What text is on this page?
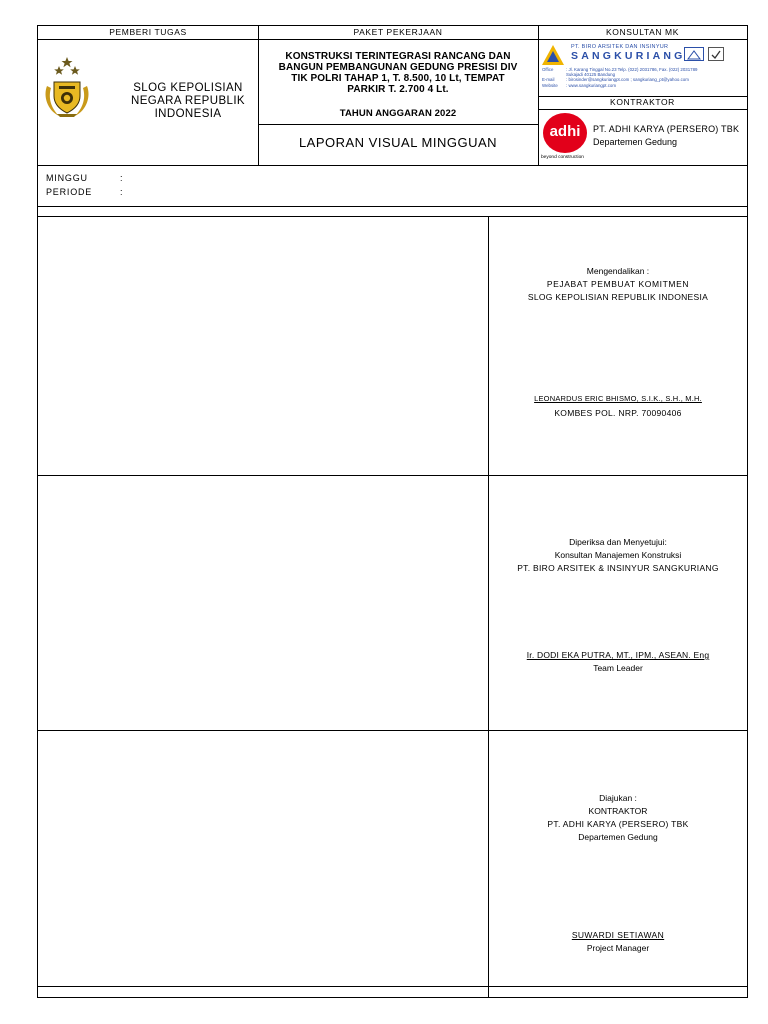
PEMBERI TUGAS	PAKET PEKERJAAN	KONSULTAN MK
KONTRAKTOR
SLOG KEPOLISIAN
NEGARA REPUBLIK
INDONESIA
KONSTRUKSI TERINTEGRASI RANCANG DAN
BANGUN PEMBANGUNAN GEDUNG PRESISI DIV
TIK POLRI TAHAP 1, T. 8.500, 10 Lt, TEMPAT
PARKIR T. 2.700 4 Lt.
TAHUN ANGGARAN 2022
LAPORAN VISUAL MINGGUAN
PT. BIRO ARSITEK DAN INSINYUR
SANGKURIANG
Office	: Jl. Karang Tinggal No.23 Telp. (022) 2031786, Fax. (022) 2031789
Sukajadi 40125 Bandung
E-mail	: birosinder@sangkuriangpt.com ; sangkuriang_pt@yahoo.com
Website : www.sangkuriangpt.com
adhi
beyond construction
PT. ADHI KARYA (PERSERO) TBK
Departemen Gedung
MINGGU	:
PERIODE	:
Mengendalikan :
PEJABAT PEMBUAT KOMITMEN
SLOG KEPOLISIAN REPUBLIK INDONESIA
LEONARDUS ERIC BHISMO, S.I.K., S.H., M.H.
KOMBES POL. NRP. 70090406
Diperiksa dan Menyetujui:
Konsultan Manajemen Konstruksi
PT. BIRO ARSITEK & INSINYUR SANGKURIANG
Ir. DODI EKA PUTRA, MT., IPM., ASEAN. Eng
Team Leader
Diajukan :
KONTRAKTOR
PT. ADHI KARYA (PERSERO) TBK
Departemen Gedung
SUWARDI SETIAWAN
Project Manager
